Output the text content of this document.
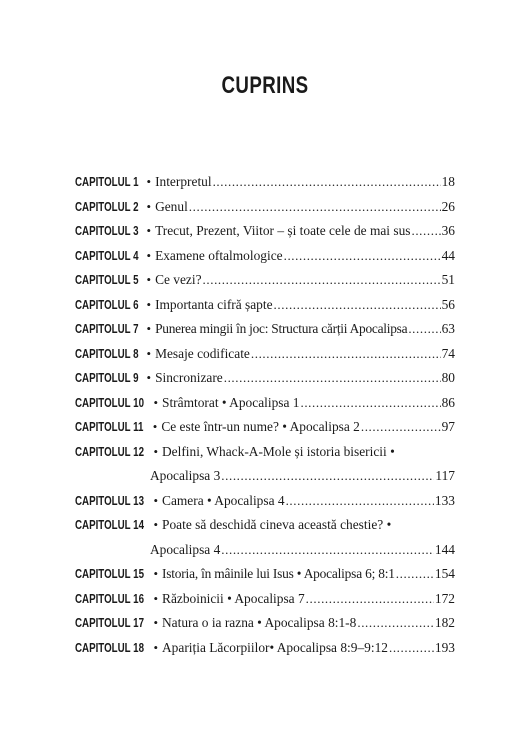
CUPRINS
CAPITOLUL 1 • Interpretul .....	18
CAPITOLUL 2 • Genul .....	26
CAPITOLUL 3 • Trecut, Prezent, Viitor – și toate cele de mai sus ..... 36
CAPITOLUL 4 • Examene oftalmologice .....	44
CAPITOLUL 5 • Ce vezi? .....	51
CAPITOLUL 6 • Importanta cifră șapte .....	56
CAPITOLUL 7 • Punerea mingii în joc: Structura cărții Apocalipsa .....	63
CAPITOLUL 8 • Mesaje codificate .....	74
CAPITOLUL 9 • Sincronizare .....	80
CAPITOLUL 10 • Strâmtorat • Apocalipsa 1 .....	86
CAPITOLUL 11 • Ce este într-un nume? • Apocalipsa 2 .....	97
CAPITOLUL 12 • Delfini, Whack-A-Mole și istoria bisericii •
Apocalipsa 3 .....	117
CAPITOLUL 13 • Camera • Apocalipsa 4 .....	133
CAPITOLUL 14 • Poate să deschidă cineva această chestie? •
Apocalipsa 4 .....	144
CAPITOLUL 15 • Istoria, în mâinile lui Isus • Apocalipsa 6; 8:1 .....	154
CAPITOLUL 16 • Războinicii • Apocalipsa 7 .....	172
CAPITOLUL 17 • Natura o ia razna • Apocalipsa 8:1-8 .....	182
CAPITOLUL 18 • Apariția Lăcorpiilor• Apocalipsa 8:9–9:12 .....	193
